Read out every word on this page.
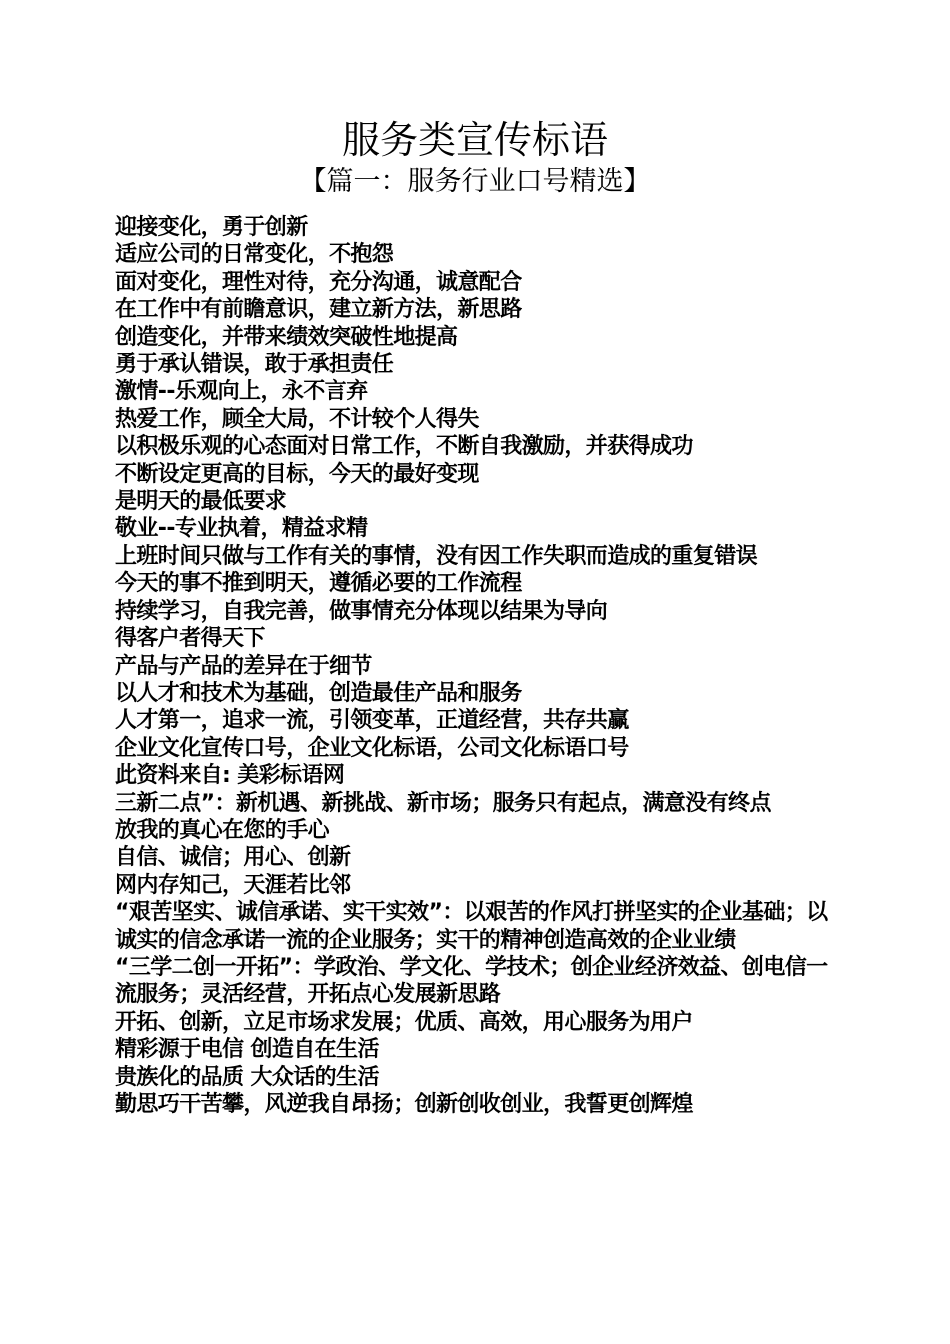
服务类宣传标语
【篇一：服务行业口号精选】
迎接变化，勇于创新
适应公司的日常变化，不抱怨
面对变化，理性对待，充分沟通，诚意配合
在工作中有前瞻意识，建立新方法，新思路
创造变化，并带来绩效突破性地提高
勇于承认错误，敢于承担责任
激情--乐观向上，永不言弃
热爱工作，顾全大局，不计较个人得失
以积极乐观的心态面对日常工作，不断自我激励，并获得成功
不断设定更高的目标，今天的最好变现
是明天的最低要求
敬业--专业执着，精益求精
上班时间只做与工作有关的事情，没有因工作失职而造成的重复错误
今天的事不推到明天，遵循必要的工作流程
持续学习，自我完善，做事情充分体现以结果为导向
得客户者得天下
产品与产品的差异在于细节
以人才和技术为基础，创造最佳产品和服务
人才第一，追求一流，引领变革，正道经营，共存共赢
企业文化宣传口号，企业文化标语，公司文化标语口号
此资料来自: 美彩标语网
三新二点”：新机遇、新挑战、新市场；服务只有起点，满意没有终点
放我的真心在您的手心
自信、诚信；用心、创新
网内存知己，天涯若比邻
“艰苦坚实、诚信承诺、实干实效”：以艰苦的作风打拼坚实的企业基础；以诚实的信念承诺一流的企业服务；实干的精神创造高效的企业业绩
“三学二创一开拓”：学政治、学文化、学技术；创企业经济效益、创电信一流服务；灵活经营，开拓点心发展新思路
开拓、创新，立足市场求发展；优质、高效，用心服务为用户
精彩源于电信 创造自在生活
贵族化的品质 大众话的生活
勤思巧干苦攀，风逆我自昂扬；创新创收创业，我誓更创辉煌
